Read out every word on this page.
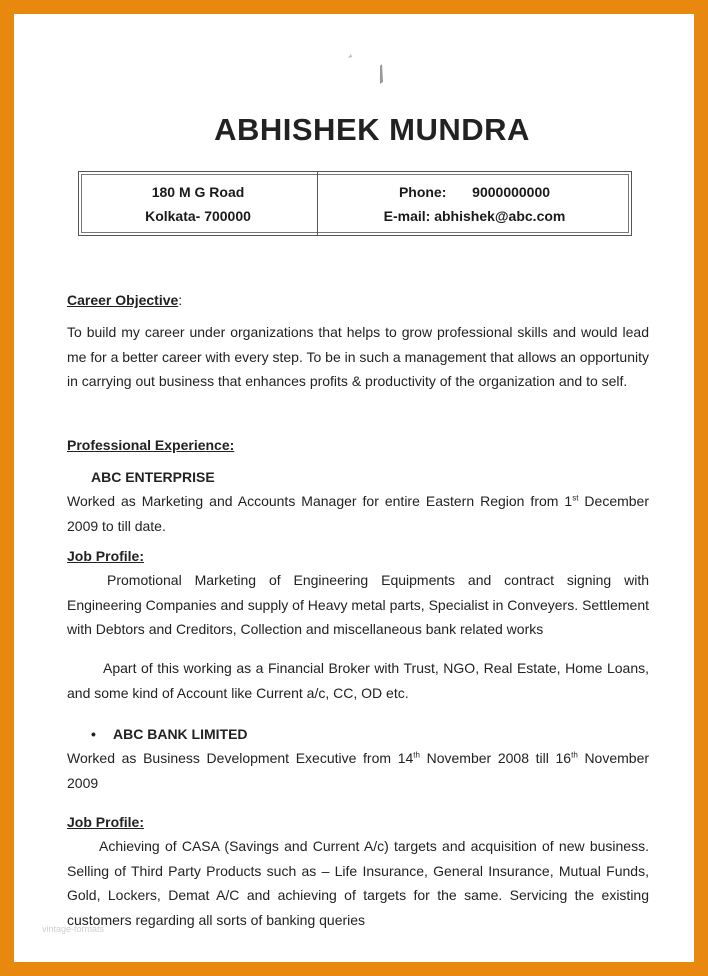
ABHISHEK MUNDRA
180 M G Road
Kolkata- 700000
Phone: 9000000000
E-mail: abhishek@abc.com
Career Objective:
To build my career under organizations that helps to grow professional skills and would lead me for a better career with every step. To be in such a management that allows an opportunity in carrying out business that enhances profits & productivity of the organization and to self.
Professional Experience:
ABC ENTERPRISE
Worked as Marketing and Accounts Manager for entire Eastern Region from 1st December 2009 to till date.
Job Profile:
Promotional Marketing of Engineering Equipments and contract signing with Engineering Companies and supply of Heavy metal parts, Specialist in Conveyers. Settlement with Debtors and Creditors, Collection and miscellaneous bank related works
Apart of this working as a Financial Broker with Trust, NGO, Real Estate, Home Loans, and some kind of Account like Current a/c, CC, OD etc.
• ABC BANK LIMITED
Worked as Business Development Executive from 14th November 2008 till 16th November 2009
Job Profile:
Achieving of CASA (Savings and Current A/c) targets and acquisition of new business. Selling of Third Party Products such as – Life Insurance, General Insurance, Mutual Funds, Gold, Lockers, Demat A/C and achieving of targets for the same. Servicing the existing customers regarding all sorts of banking queries
vintage-formats
